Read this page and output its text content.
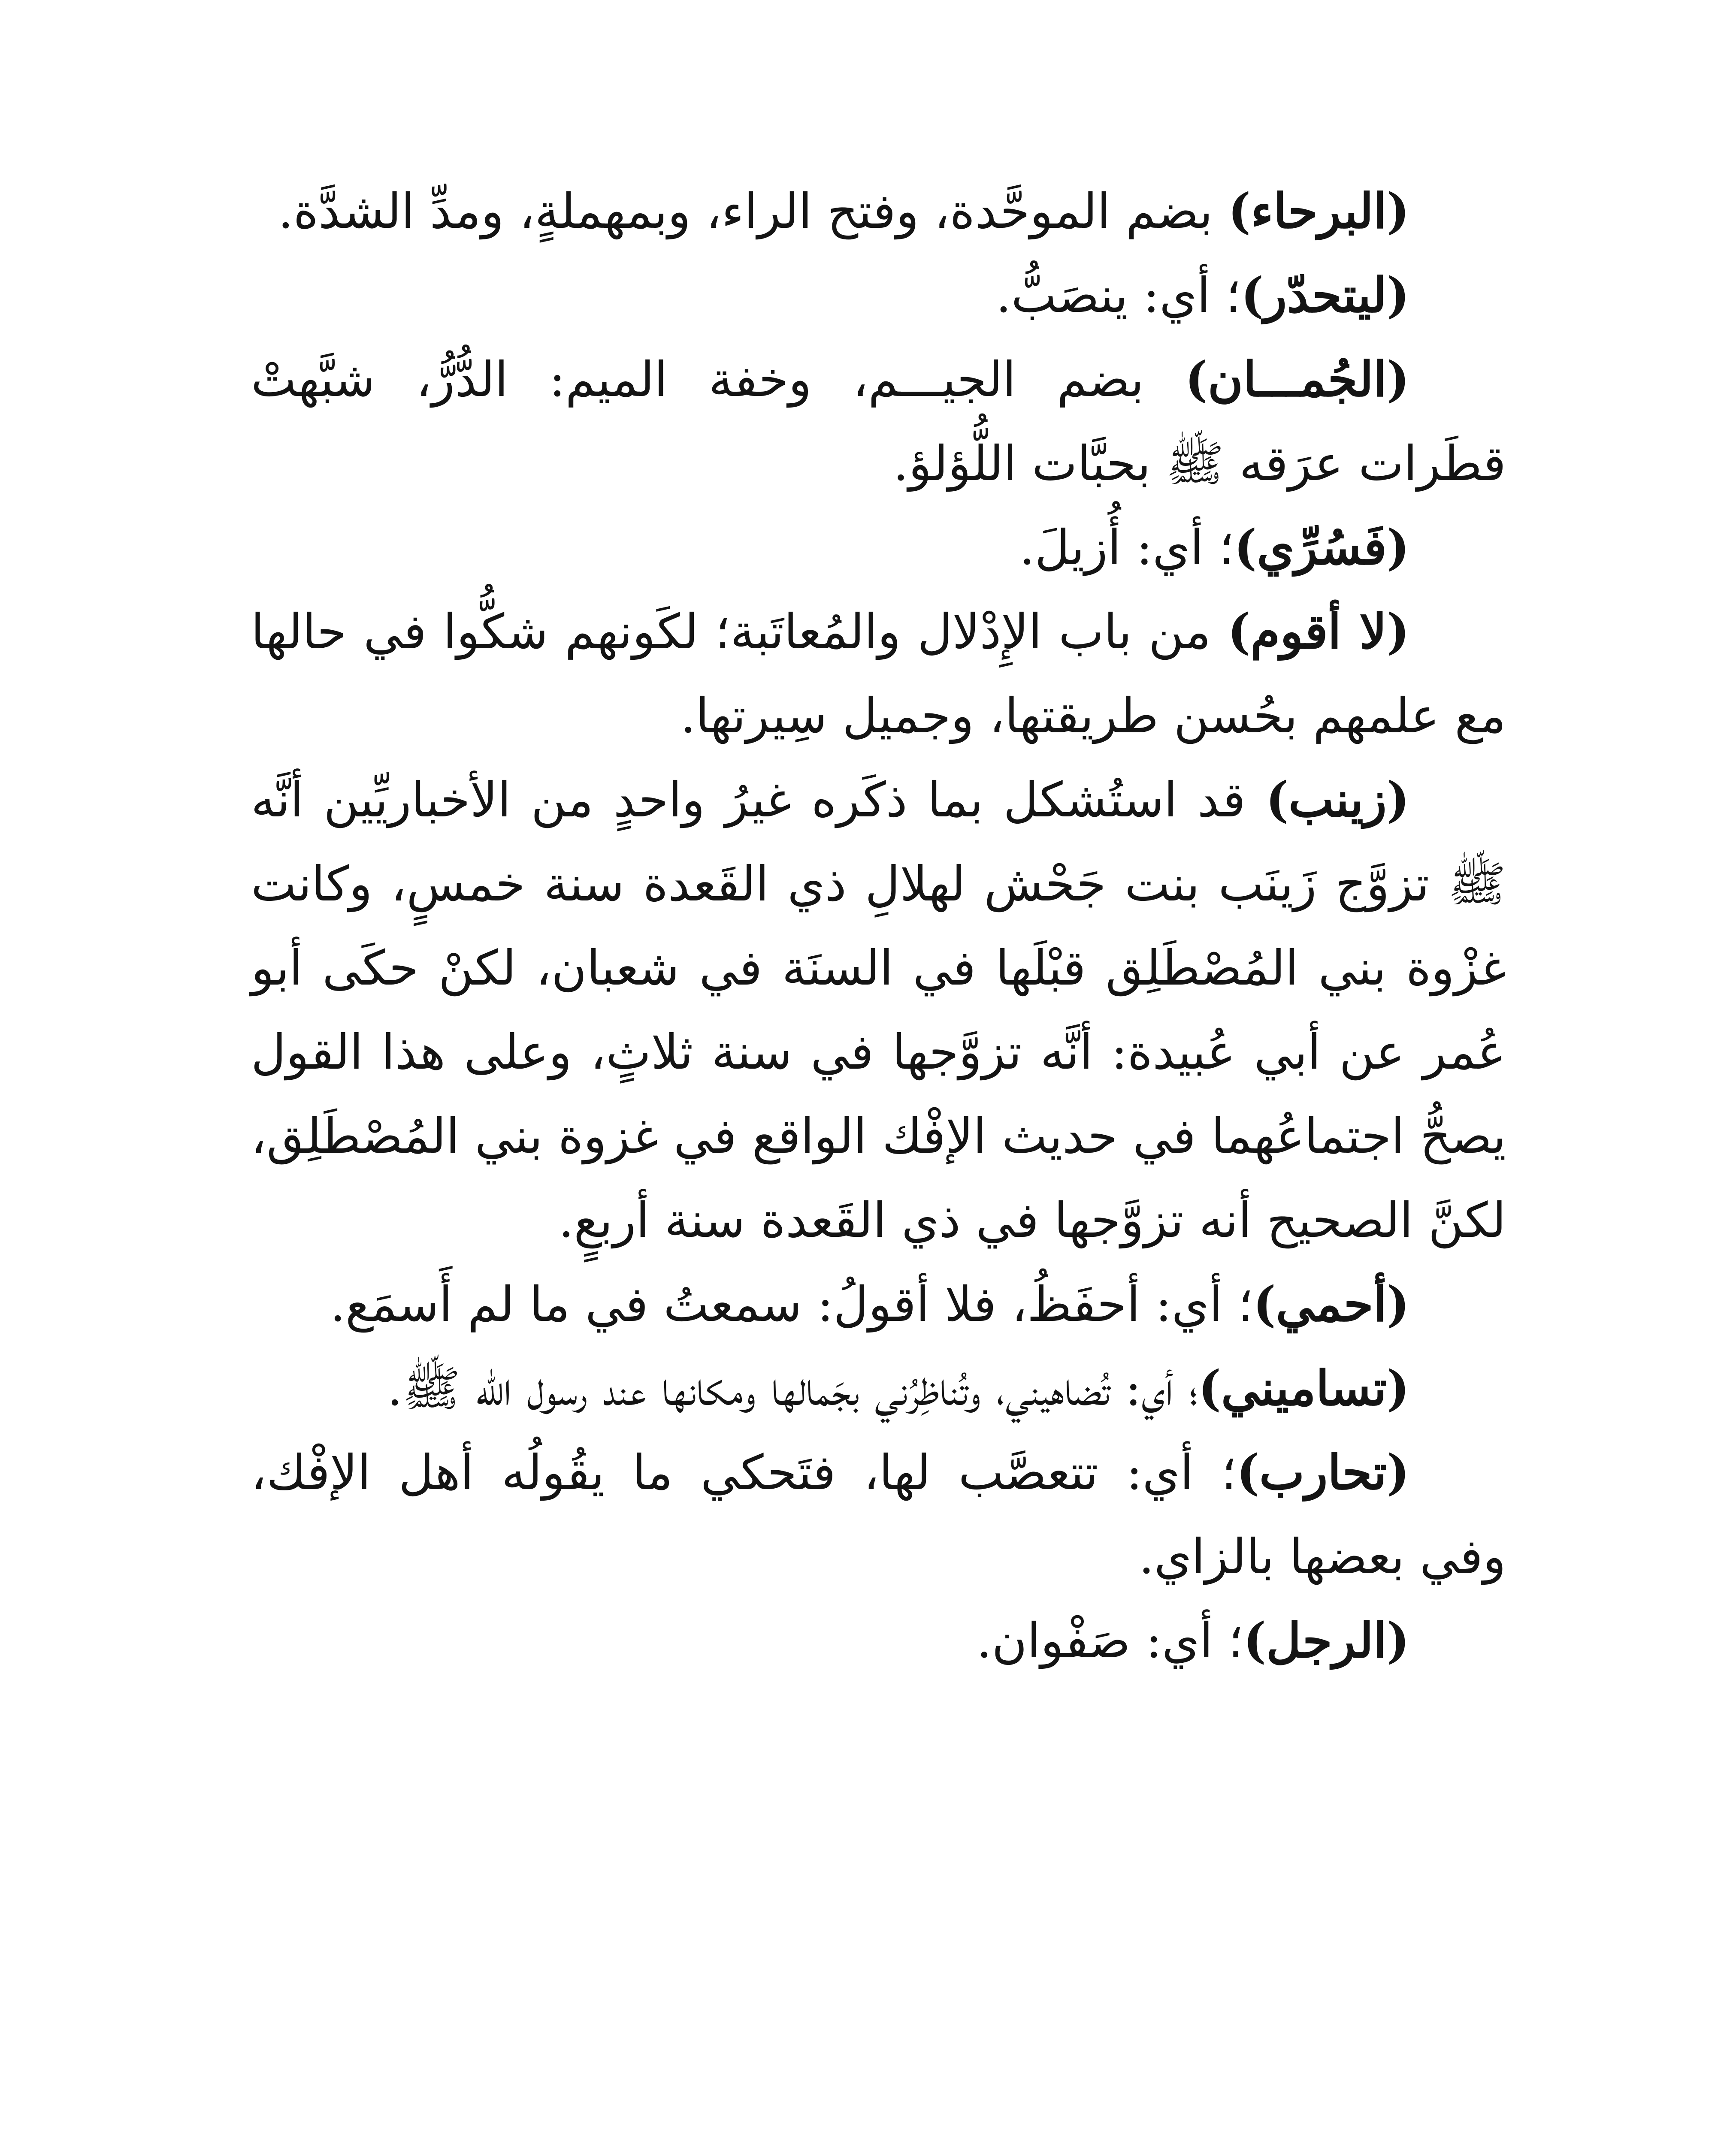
(البرحاء) بضم الموحَّدة، وفتح الراء، وبمهملةٍ، ومدِّ الشدَّة.

(ليتحدّر)؛ أي: ينصَبُّ.

(الجُمـــان) بضم الجيـــم، وخفة الميم: الدُّرُّ، شبَّهتْ قطَرات عرَقه ﷺ بحبَّات اللُّؤلؤ.

(فَسُرِّي)؛ أي: أُزيلَ.

(لا أقوم) من باب الإِدْلال والمُعاتَبة؛ لكَونهم شكُّوا في حالها مع علمهم بحُسن طريقتها، وجميل سِيرتها.

(زينب) قد استُشكل بما ذكَره غيرُ واحدٍ من الأخباريِّين أنَّه ﷺ تزوَّج زَينَب بنت جَحْش لهلالِ ذي القَعدة سنة خمسٍ، وكانت غزْوة بني المُصْطَلِق قبْلَها في السنَة في شعبان، لكنْ حكَى أبو عُمر عن أبي عُبيدة: أنَّه تزوَّجها في سنة ثلاثٍ، وعلى هذا القول يصحُّ اجتماعُهما في حديث الإفْك الواقع في غزوة بني المُصْطَلِق، لكنَّ الصحيح أنه تزوَّجها في ذي القَعدة سنة أربعٍ.

(أحمي)؛ أي: أحفَظُ، فلا أقولُ: سمعتُ في ما لم أَسمَع.

(تساميني)؛ أي: تُضاهيني، وتُناظِرُني بجَمالها ومكانها عند رسول الله ﷺ.

(تحارب)؛ أي: تتعصَّب لها، فتَحكي ما يقُولُه أهل الإفْك، وفي بعضها بالزاي.

(الرجل)؛ أي: صَفْوان.
